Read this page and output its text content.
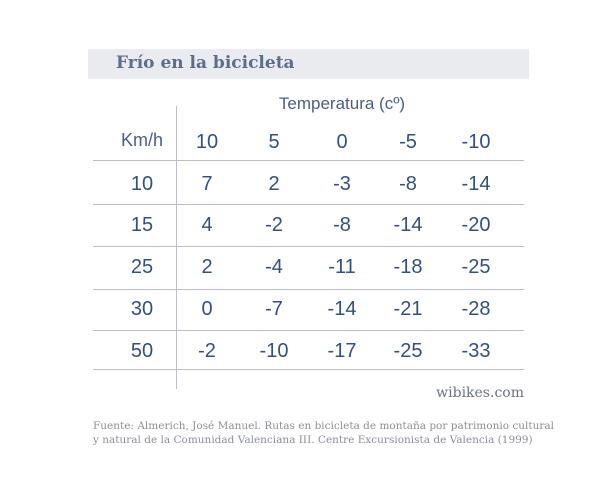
Frío en la bicicleta
Temperatura (cº)
Km/h	10	5	0	-5	-10
10	7	2	-3	-8	-14
15	4	-2	-8	-14	-20
25	2	-4	-11	-18	-25
30	0	-7	-14	-21	-28
50	-2	-10	-17	-25	-33
wibikes.com
Fuente: Almerich, José Manuel. Rutas en bicicleta de montaña por patrimonio cultural
y natural de la Comunidad Valenciana III. Centre Excursionista de Valencia (1999)
